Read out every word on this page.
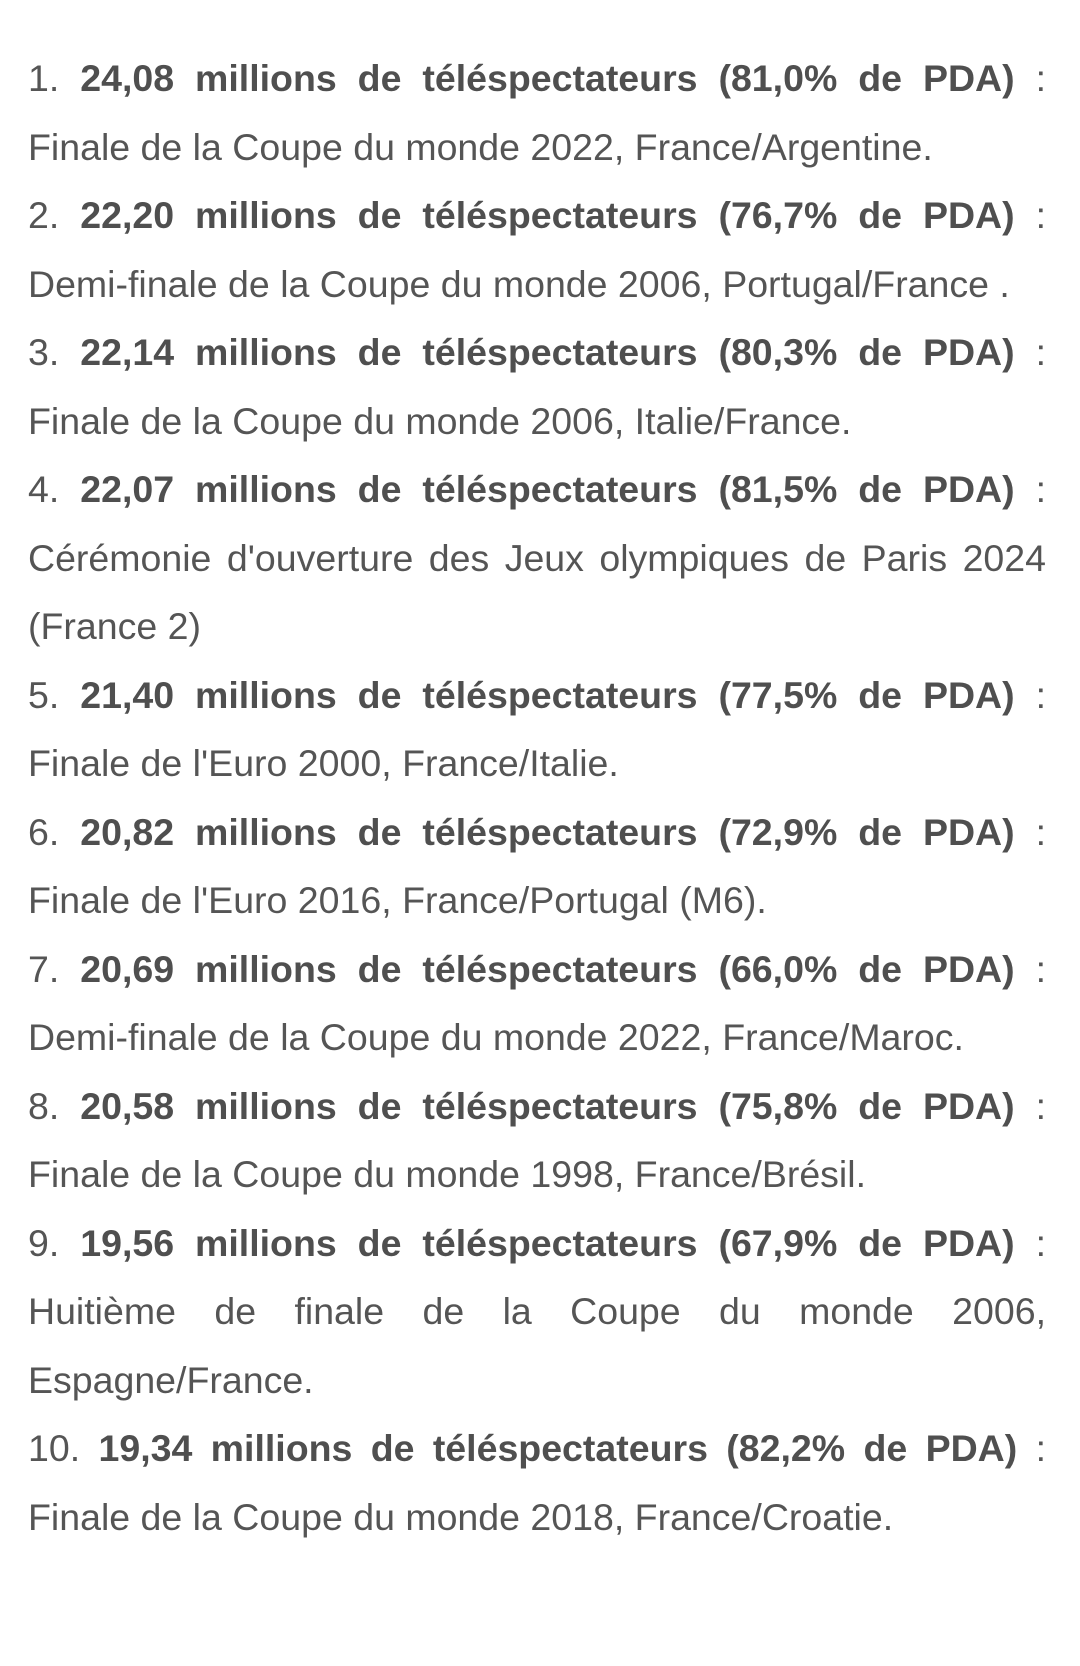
1. 24,08 millions de téléspectateurs (81,0% de PDA) : Finale de la Coupe du monde 2022, France/Argentine.
2. 22,20 millions de téléspectateurs (76,7% de PDA) : Demi-finale de la Coupe du monde 2006, Portugal/France .
3. 22,14 millions de téléspectateurs (80,3% de PDA) : Finale de la Coupe du monde 2006, Italie/France.
4. 22,07 millions de téléspectateurs (81,5% de PDA) : Cérémonie d'ouverture des Jeux olympiques de Paris 2024 (France 2)
5. 21,40 millions de téléspectateurs (77,5% de PDA) : Finale de l'Euro 2000, France/Italie.
6. 20,82 millions de téléspectateurs (72,9% de PDA) : Finale de l'Euro 2016, France/Portugal (M6).
7. 20,69 millions de téléspectateurs (66,0% de PDA) : Demi-finale de la Coupe du monde 2022, France/Maroc.
8. 20,58 millions de téléspectateurs (75,8% de PDA) : Finale de la Coupe du monde 1998, France/Brésil.
9. 19,56 millions de téléspectateurs (67,9% de PDA) : Huitième de finale de la Coupe du monde 2006, Espagne/France.
10. 19,34 millions de téléspectateurs (82,2% de PDA) : Finale de la Coupe du monde 2018, France/Croatie.
